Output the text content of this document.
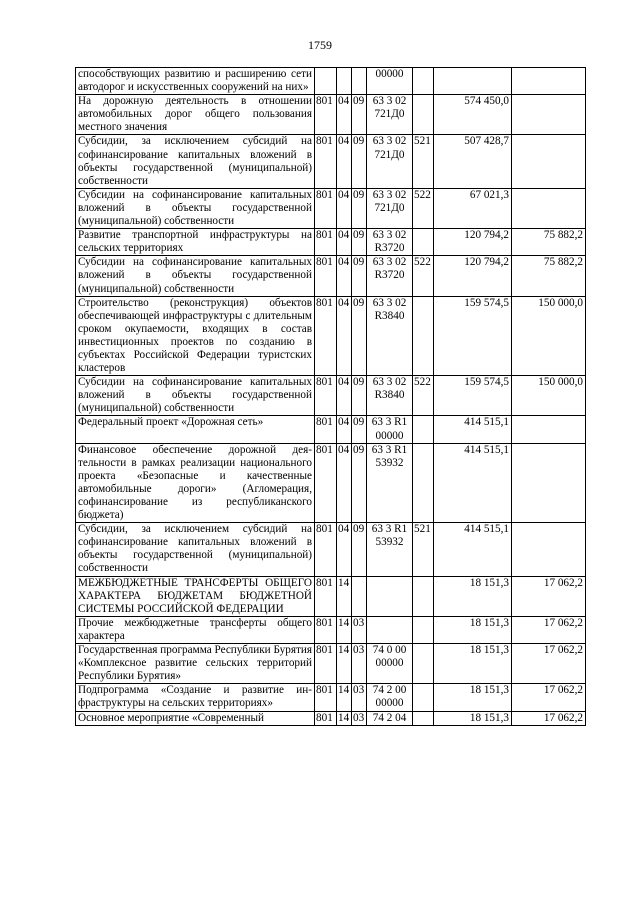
1759
способствующих развитию и расширению сети автодорог и искусственных сооружений на них»				00000			
На дорожную деятельность в отношении автомобильных дорог общего пользования местного значения	801	04	09	63 3 02
721Д0		574 450,0	
Субсидии, за исключением субсидий на софинансирование капитальных вложений в объекты государственной (муниципальной) собственности	801	04	09	63 3 02
721Д0	521	507 428,7	
Субсидии на софинансирование капитальных вложений в объекты государственной (муниципальной) собственности	801	04	09	63 3 02
721Д0	522	67 021,3	
Развитие транспортной инфраструктуры на сельских территориях	801	04	09	63 3 02
R3720		120 794,2	75 882,2
Субсидии на софинансирование капитальных вложений в объекты государственной (муниципальной) собственности	801	04	09	63 3 02
R3720	522	120 794,2	75 882,2
Строительство (реконструкция) объектов обеспечивающей инфраструктуры с длительным сроком окупаемости, входящих в состав инвестиционных проектов по созданию в субъектах Российской Федерации туристских кластеров	801	04	09	63 3 02
R3840		159 574,5	150 000,0
Субсидии на софинансирование капитальных вложений в объекты государственной (муниципальной) собственности	801	04	09	63 3 02
R3840	522	159 574,5	150 000,0
Федеральный проект «Дорожная сеть»	801	04	09	63 3 R1
00000		414 515,1	
Финансовое обеспечение дорожной деятельности в рамках реализации национального проекта «Безопасные и качественные автомобильные дороги» (Агломерация, софинансирование из республиканского бюджета)	801	04	09	63 3 R1
53932		414 515,1	
Субсидии, за исключением субсидий на софинансирование капитальных вложений в объекты государственной (муниципальной) собственности	801	04	09	63 3 R1
53932	521	414 515,1	
МЕЖБЮДЖЕТНЫЕ ТРАНСФЕРТЫ ОБЩЕГО ХАРАКТЕРА БЮДЖЕТАМ БЮДЖЕТНОЙ СИСТЕМЫ РОССИЙСКОЙ ФЕДЕРАЦИИ	801	14				18 151,3	17 062,2
Прочие межбюджетные трансферты общего характера	801	14	03			18 151,3	17 062,2
Государственная программа Республики Бурятия «Комплексное развитие сельских территорий Республики Бурятия»	801	14	03	74 0 00
00000		18 151,3	17 062,2
Подпрограмма «Создание и развитие инфраструктуры на сельских территориях»	801	14	03	74 2 00
00000		18 151,3	17 062,2
Основное мероприятие «Современный	801	14	03	74 2 04		18 151,3	17 062,2
